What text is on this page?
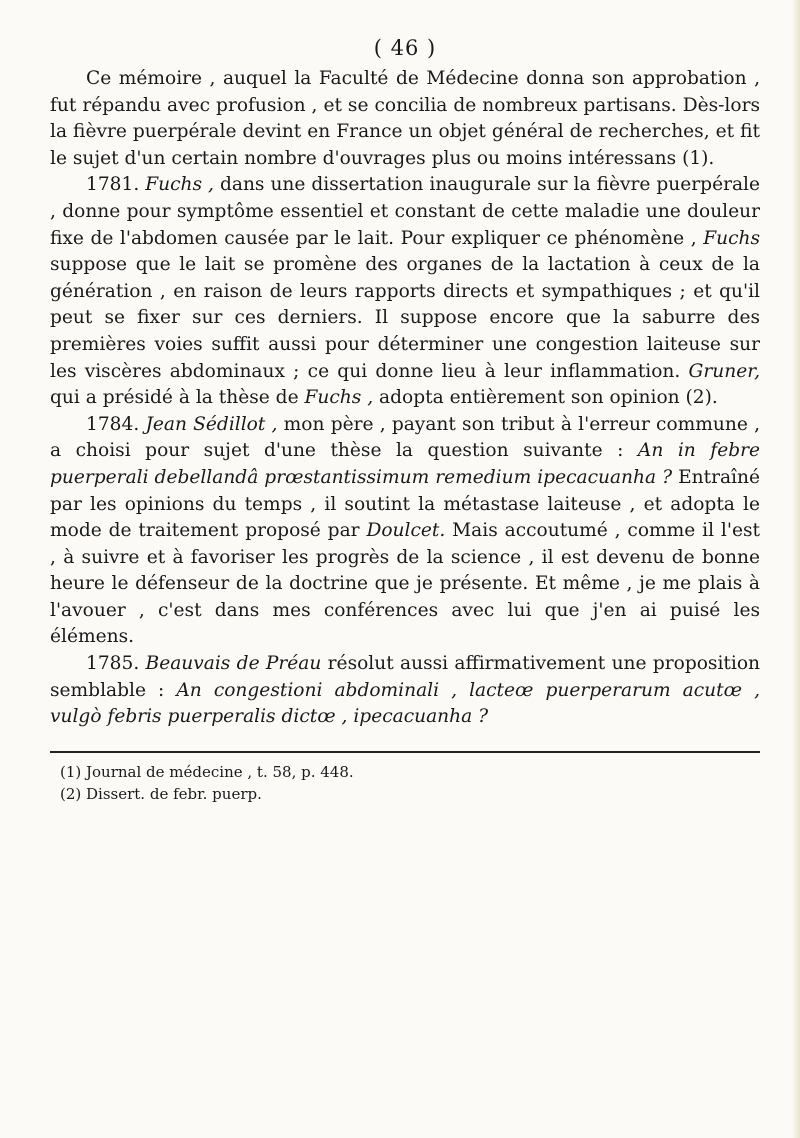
( 46 )

Ce mémoire , auquel la Faculté de Médecine donna son approbation , fut répandu avec profusion , et se concilia de nombreux partisans. Dès-lors la fièvre puerpérale devint en France un objet général de recherches, et fit le sujet d'un certain nombre d'ouvrages plus ou moins intéressans (1).

1781. Fuchs , dans une dissertation inaugurale sur la fièvre puerpérale , donne pour symptôme essentiel et constant de cette maladie une douleur fixe de l'abdomen causée par le lait. Pour expliquer ce phénomène , Fuchs suppose que le lait se promène des organes de la lactation à ceux de la génération , en raison de leurs rapports directs et sympathiques ; et qu'il peut se fixer sur ces derniers. Il suppose encore que la saburre des premières voies suffit aussi pour déterminer une congestion laiteuse sur les viscères abdominaux ; ce qui donne lieu à leur inflammation. Gruner, qui a présidé à la thèse de Fuchs , adopta entièrement son opinion (2).

1784. Jean Sédillot , mon père , payant son tribut à l'erreur commune , a choisi pour sujet d'une thèse la question suivante : An in febre puerperali debellandâ prœstantissimum remedium ipecacuanha ? Entraîné par les opinions du temps , il soutint la métastase laiteuse , et adopta le mode de traitement proposé par Doulcet. Mais accoutumé , comme il l'est , à suivre et à favoriser les progrès de la science , il est devenu de bonne heure le défenseur de la doctrine que je présente. Et même , je me plais à l'avouer , c'est dans mes conférences avec lui que j'en ai puisé les élémens.

1785. Beauvais de Préau résolut aussi affirmativement une proposition semblable : An congestioni abdominali , lacteœ puerperarum acutœ , vulgò febris puerperalis dictœ , ipecacuanha ?

(1) Journal de médecine , t. 58, p. 448.

(2) Dissert. de febr. puerp.
